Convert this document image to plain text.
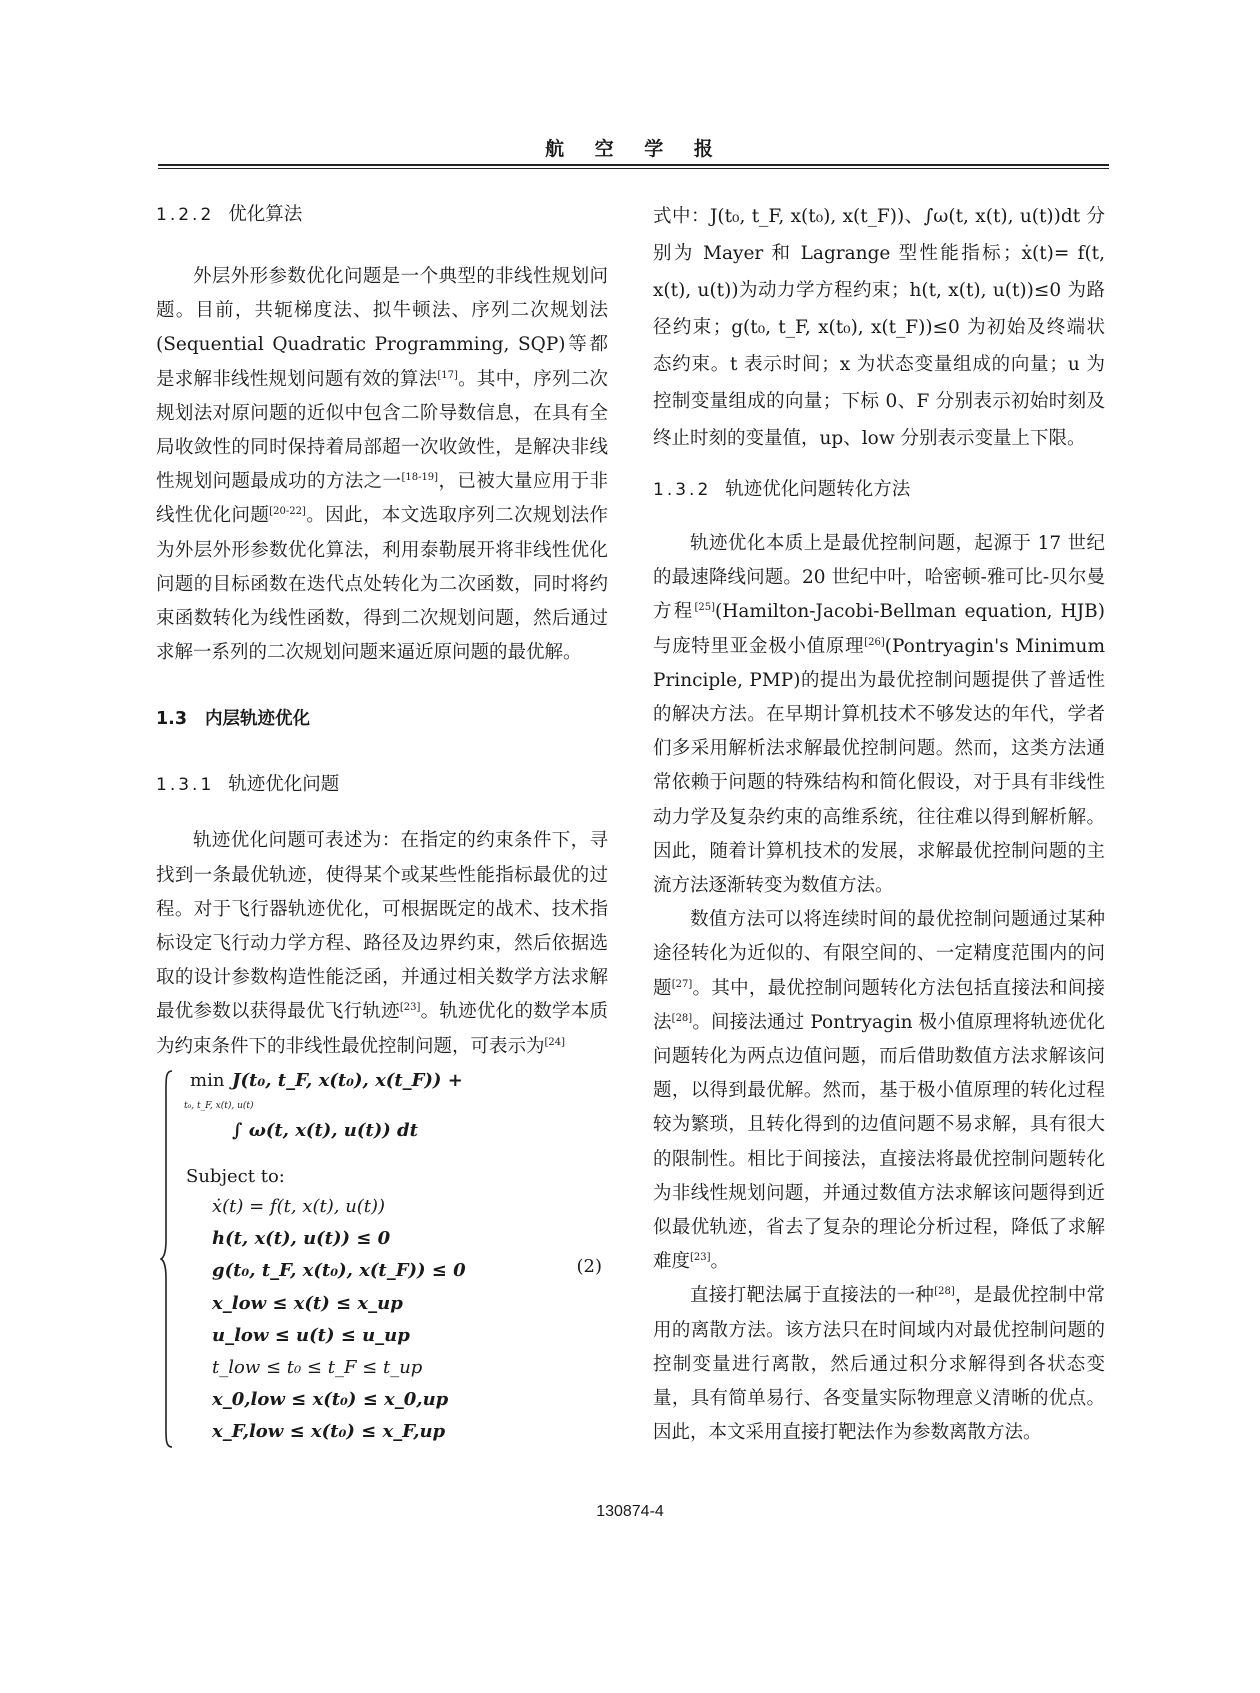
航 空 学 报
1.2.2 优化算法

外层外形参数优化问题是一个典型的非线性规划问题。目前，共轭梯度法、拟牛顿法、序列二次规划法(Sequential Quadratic Programming, SQP)等都是求解非线性规划问题有效的算法[17]。其中，序列二次规划法对原问题的近似中包含二阶导数信息，在具有全局收敛性的同时保持着局部超一次收敛性，是解决非线性规划问题最成功的方法之一[18-19]，已被大量应用于非线性优化问题[20-22]。因此，本文选取序列二次规划法作为外层外形参数优化算法，利用泰勒展开将非线性优化问题的目标函数在迭代点处转化为二次函数，同时将约束函数转化为线性函数，得到二次规划问题，然后通过求解一系列的二次规划问题来逼近原问题的最优解。

1.3 内层轨迹优化
1.3.1 轨迹优化问题

轨迹优化问题可表述为：在指定的约束条件下，寻找到一条最优轨迹，使得某个或某些性能指标最优的过程。对于飞行器轨迹优化，可根据既定的战术、技术指标设定飞行动力学方程、路径及边界约束，然后依据选取的设计参数构造性能泛函，并通过相关数学方法求解最优参数以获得最优飞行轨迹[23]。轨迹优化的数学本质为约束条件下的非线性最优控制问题，可表示为[24]

min
t₀, t_F, x(t), u(t)
J(t₀, t_F, x(t₀), x(t_F)) +
∫ ω(t, x(t), u(t)) dt
Subject to:
ẋ(t) = f(t, x(t), u(t))
h(t, x(t), u(t)) ≤ 0
g(t₀, t_F, x(t₀), x(t_F)) ≤ 0
x_low ≤ x(t) ≤ x_up
u_low ≤ u(t) ≤ u_up
t_low ≤ t₀ ≤ t_F ≤ t_up
x_0,low ≤ x(t₀) ≤ x_0,up
x_F,low ≤ x(t₀) ≤ x_F,up
(2)

式中：J(t₀, t_F, x(t₀), x(t_F))、∫ω(t, x(t), u(t))dt 分别为 Mayer 和 Lagrange 型性能指标；ẋ(t)= f(t, x(t), u(t))为动力学方程约束；h(t, x(t), u(t))≤0 为路径约束；g(t₀, t_F, x(t₀), x(t_F))≤0 为初始及终端状态约束。t 表示时间；x 为状态变量组成的向量；u 为控制变量组成的向量；下标 0、F 分别表示初始时刻及终止时刻的变量值，up、low 分别表示变量上下限。

1.3.2 轨迹优化问题转化方法

轨迹优化本质上是最优控制问题，起源于 17 世纪的最速降线问题。20 世纪中叶，哈密顿-雅可比-贝尔曼方程[25](Hamilton-Jacobi-Bellman equation, HJB)与庞特里亚金极小值原理[26](Pontryagin's Minimum Principle, PMP)的提出为最优控制问题提供了普适性的解决方法。在早期计算机技术不够发达的年代，学者们多采用解析法求解最优控制问题。然而，这类方法通常依赖于问题的特殊结构和简化假设，对于具有非线性动力学及复杂约束的高维系统，往往难以得到解析解。因此，随着计算机技术的发展，求解最优控制问题的主流方法逐渐转变为数值方法。

数值方法可以将连续时间的最优控制问题通过某种途径转化为近似的、有限空间的、一定精度范围内的问题[27]。其中，最优控制问题转化方法包括直接法和间接法[28]。间接法通过 Pontryagin 极小值原理将轨迹优化问题转化为两点边值问题，而后借助数值方法求解该问题，以得到最优解。然而，基于极小值原理的转化过程较为繁琐，且转化得到的边值问题不易求解，具有很大的限制性。相比于间接法，直接法将最优控制问题转化为非线性规划问题，并通过数值方法求解该问题得到近似最优轨迹，省去了复杂的理论分析过程，降低了求解难度[23]。

直接打靶法属于直接法的一种[28]，是最优控制中常用的离散方法。该方法只在时间域内对最优控制问题的控制变量进行离散，然后通过积分求解得到各状态变量，具有简单易行、各变量实际物理意义清晰的优点。因此，本文采用直接打靶法作为参数离散方法。

130874-4
